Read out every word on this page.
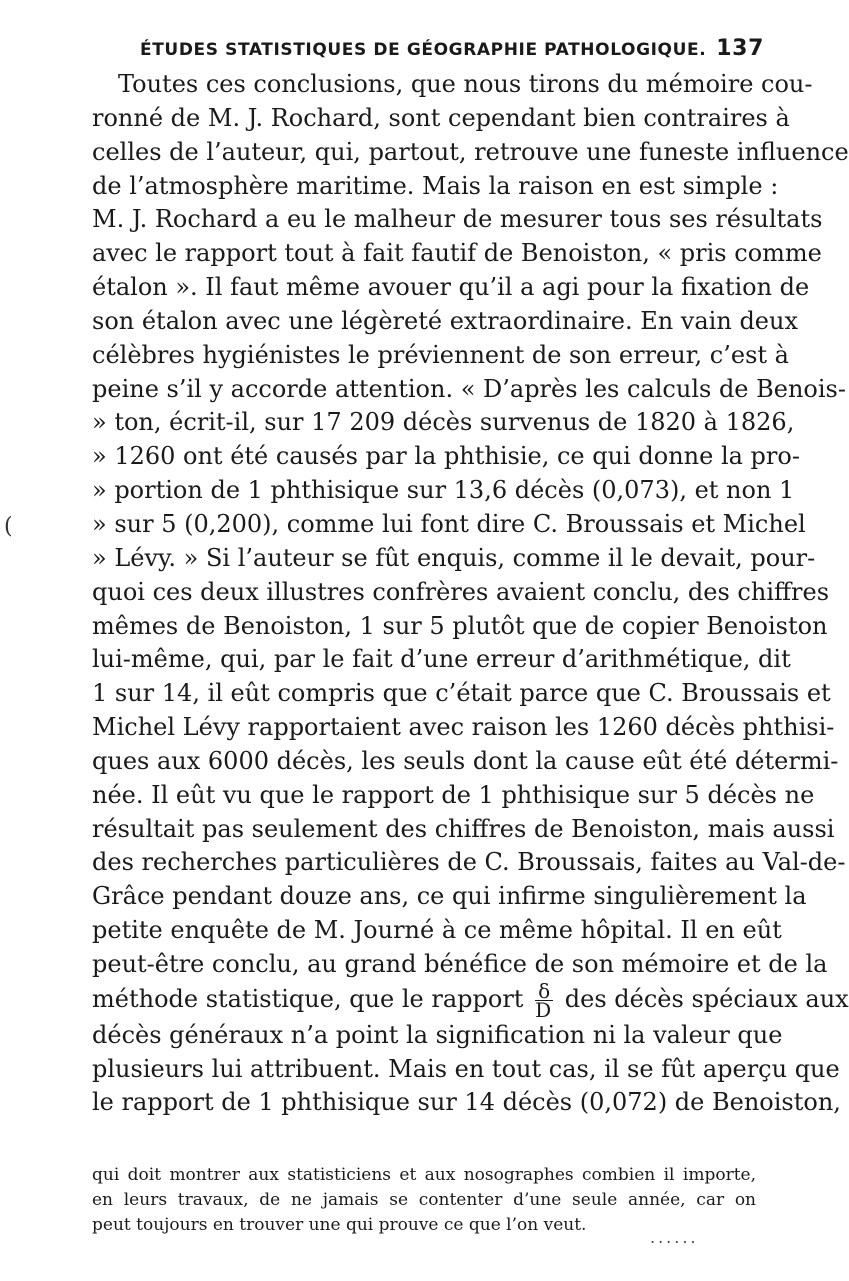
ÉTUDES STATISTIQUES DE GÉOGRAPHIE PATHOLOGIQUE. 137
(
Toutes ces conclusions, que nous tirons du mémoire cou-
ronné de M. J. Rochard, sont cependant bien contraires à
celles de l’auteur, qui, partout, retrouve une funeste influence
de l’atmosphère maritime. Mais la raison en est simple :
M. J. Rochard a eu le malheur de mesurer tous ses résultats
avec le rapport tout à fait fautif de Benoiston, « pris comme
étalon ». Il faut même avouer qu’il a agi pour la fixation de
son étalon avec une légèreté extraordinaire. En vain deux
célèbres hygiénistes le préviennent de son erreur, c’est à
peine s’il y accorde attention. « D’après les calculs de Benois-
» ton, écrit-il, sur 17 209 décès survenus de 1820 à 1826,
» 1260 ont été causés par la phthisie, ce qui donne la pro-
» portion de 1 phthisique sur 13,6 décès (0,073), et non 1
» sur 5 (0,200), comme lui font dire C. Broussais et Michel
» Lévy. » Si l’auteur se fût enquis, comme il le devait, pour-
quoi ces deux illustres confrères avaient conclu, des chiffres
mêmes de Benoiston, 1 sur 5 plutôt que de copier Benoiston
lui-même, qui, par le fait d’une erreur d’arithmétique, dit
1 sur 14, il eût compris que c’était parce que C. Broussais et
Michel Lévy rapportaient avec raison les 1260 décès phthisi-
ques aux 6000 décès, les seuls dont la cause eût été détermi-
née. Il eût vu que le rapport de 1 phthisique sur 5 décès ne
résultait pas seulement des chiffres de Benoiston, mais aussi
des recherches particulières de C. Broussais, faites au Val-de-
Grâce pendant douze ans, ce qui infirme singulièrement la
petite enquête de M. Journé à ce même hôpital. Il en eût
peut-être conclu, au grand bénéfice de son mémoire et de la
méthode statistique, que le rapport $\frac{\delta}{D}$ des décès spéciaux aux
décès généraux n’a point la signification ni la valeur que
plusieurs lui attribuent. Mais en tout cas, il se fût aperçu que
le rapport de 1 phthisique sur 14 décès (0,072) de Benoiston,
qui doit montrer aux statisticiens et aux nosographes combien il importe,
en leurs travaux, de ne jamais se contenter d’une seule année, car on
peut toujours en trouver une qui prouve ce que l’on veut.
......
